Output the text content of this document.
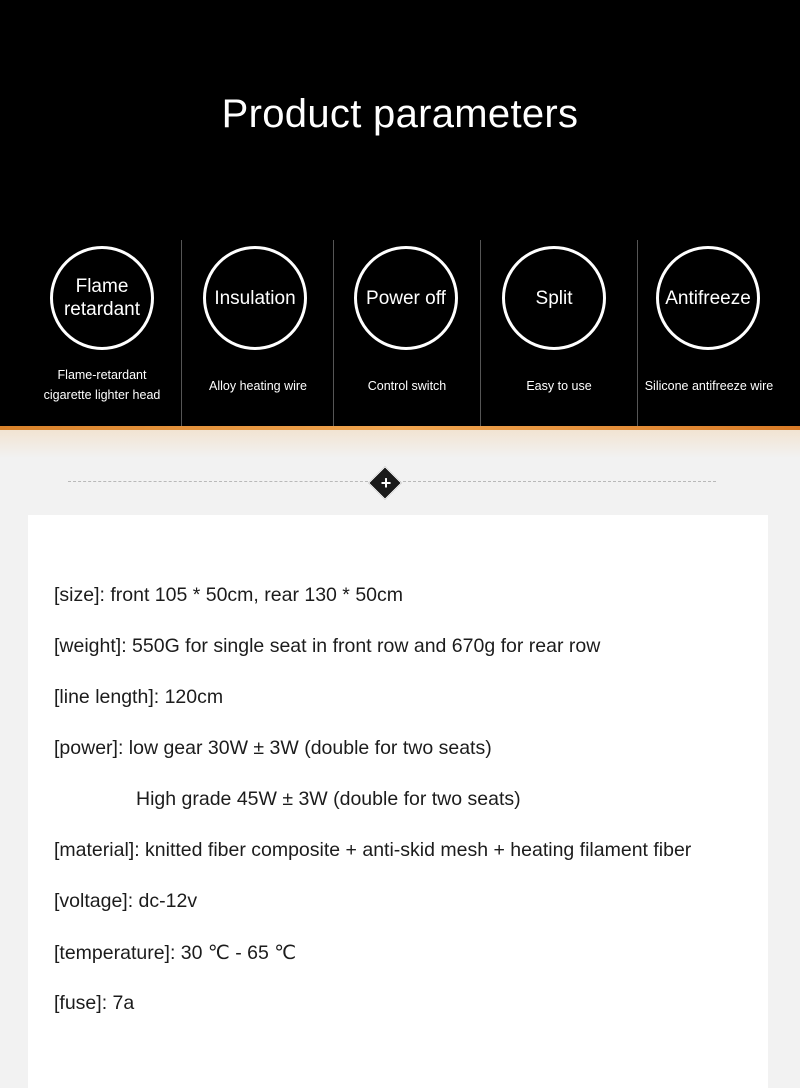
Product parameters
Flame
retardant
Flame-retardant
cigarette lighter head
Insulation
Alloy heating wire
Power off
Control switch
Split
Easy to use
Antifreeze
Silicone antifreeze wire
+
[size]: front 105 * 50cm, rear 130 * 50cm
[weight]: 550G for single seat in front row and 670g for rear row
[line length]: 120cm
[power]: low gear 30W ± 3W (double for two seats)
High grade 45W ± 3W (double for two seats)
[material]: knitted fiber composite + anti-skid mesh + heating filament fiber
[voltage]: dc-12v
[temperature]: 30 ℃ - 65 ℃
[fuse]: 7a
